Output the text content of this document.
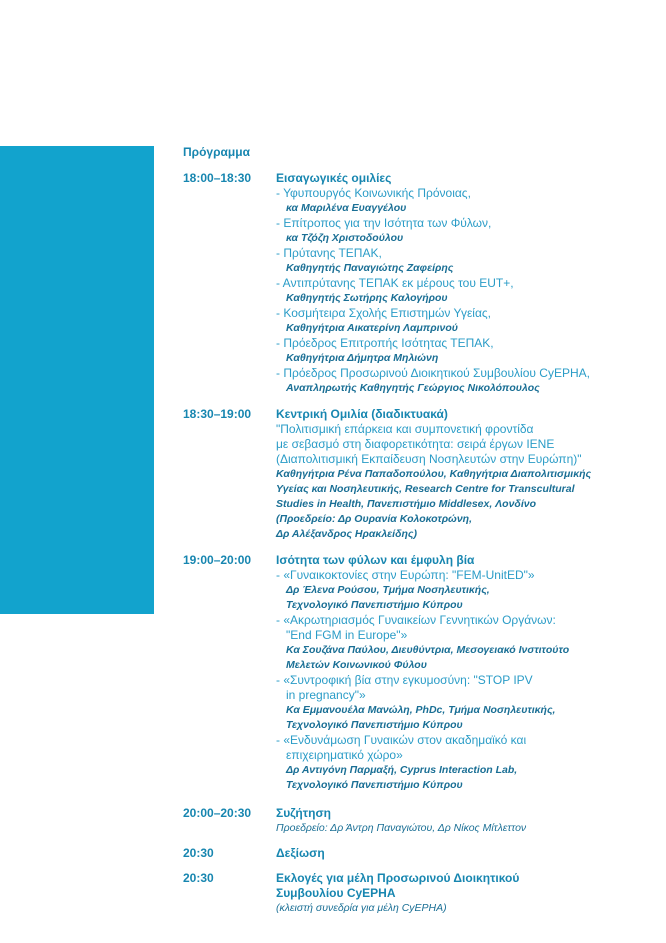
Πρόγραμμα
18:00–18:30	Εισαγωγικές ομιλίες
- Υφυπουργός Κοινωνικής Πρόνοιας,
κα Μαριλένα Ευαγγέλου
- Επίτροπος για την Ισότητα των Φύλων,
κα Τζόζη Χριστοδούλου
- Πρύτανης ΤΕΠΑΚ,
Καθηγητής Παναγιώτης Ζαφείρης
- Αντιπρύτανης ΤΕΠΑΚ εκ μέρους του EUT+,
Καθηγητής Σωτήρης Καλογήρου
- Κοσμήτειρα Σχολής Επιστημών Υγείας,
Καθηγήτρια Αικατερίνη Λαμπρινού
- Πρόεδρος Επιτροπής Ισότητας ΤΕΠΑΚ,
Καθηγήτρια Δήμητρα Μηλιώνη
- Πρόεδρος Προσωρινού Διοικητικού Συμβουλίου CyEPHA,
Αναπληρωτής Καθηγητής Γεώργιος Νικολόπουλος
18:30–19:00	Κεντρική Ομιλία (διαδικτυακά)
"Πολιτισμική επάρκεια και συμπονετική φροντίδα
με σεβασμό στη διαφορετικότητα: σειρά έργων IENE
(Διαπολιτισμική Εκπαίδευση Νοσηλευτών στην Ευρώπη)"
Καθηγήτρια Ρένα Παπαδοπούλου, Καθηγήτρια Διαπολιτισμικής
Υγείας και Νοσηλευτικής, Research Centre for Transcultural
Studies in Health, Πανεπιστήμιο Middlesex, Λονδίνο
(Προεδρείο: Δρ Ουρανία Κολοκοτρώνη,
Δρ Αλέξανδρος Ηρακλείδης)
19:00–20:00	Ισότητα των φύλων και έμφυλη βία
- «Γυναικοκτονίες στην Ευρώπη: "FEM-UnitED"»
Δρ Έλενα Ρούσου, Τμήμα Νοσηλευτικής,
Τεχνολογικό Πανεπιστήμιο Κύπρου
- «Ακρωτηριασμός Γυναικείων Γεννητικών Οργάνων:
"End FGM in Europe"»
Κα Σουζάνα Παύλου, Διευθύντρια, Μεσογειακό Ινστιτούτο
Μελετών Κοινωνικού Φύλου
- «Συντροφική βία στην εγκυμοσύνη: "STOP IPV
in pregnancy"»
Κα Εμμανουέλα Μανώλη, PhDc, Τμήμα Νοσηλευτικής,
Τεχνολογικό Πανεπιστήμιο Κύπρου
- «Ενδυνάμωση Γυναικών στον ακαδημαϊκό και
επιχειρηματικό χώρο»
Δρ Αντιγόνη Παρμαξή, Cyprus Interaction Lab,
Τεχνολογικό Πανεπιστήμιο Κύπρου
20:00–20:30	Συζήτηση
Προεδρείο: Δρ Άντρη Παναγιώτου, Δρ Νίκος Μίτλεττον
20:30	Δεξίωση
20:30	Εκλογές για μέλη Προσωρινού Διοικητικού
Συμβουλίου CyEPHA
(κλειστή συνεδρία για μέλη CyEPHA)
